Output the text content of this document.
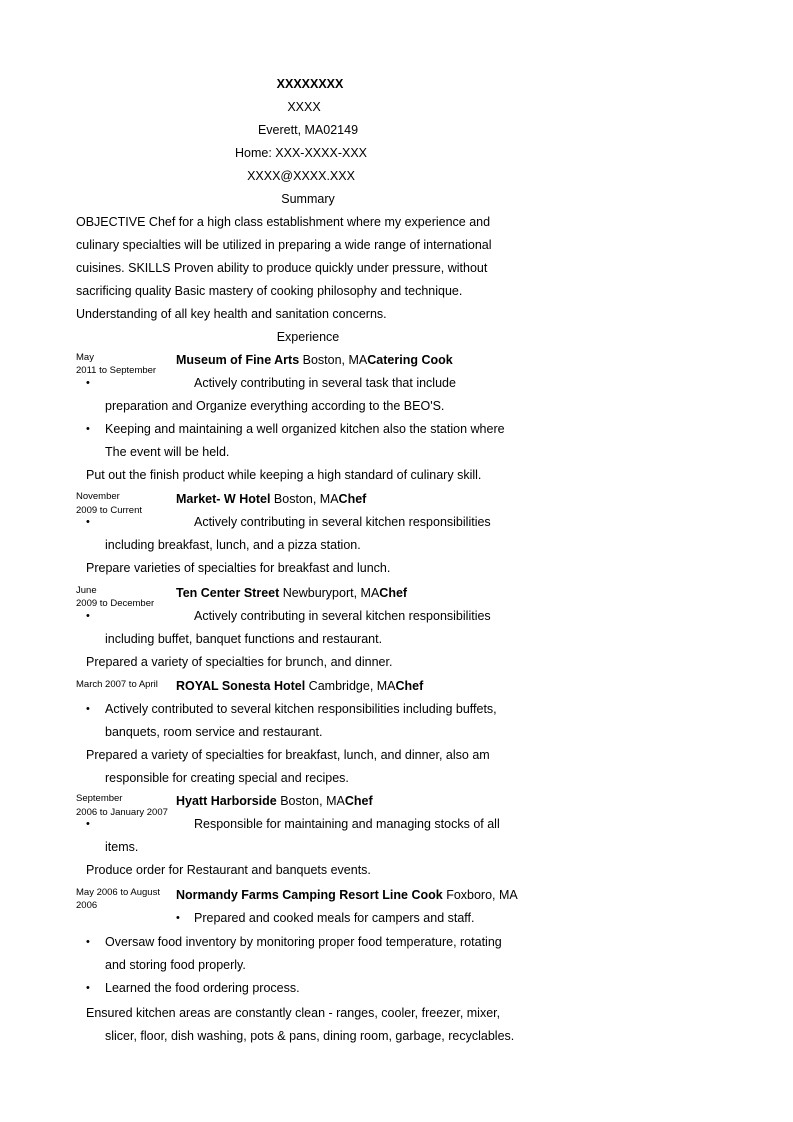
XXXXXXXX
XXXX
Everett, MA02149
Home: XXX-XXXX-XXX
XXXX@XXXX.XXX
Summary
OBJECTIVE Chef for a high class establishment where my experience and
culinary specialties will be utilized in preparing a wide range of international
cuisines. SKILLS Proven ability to produce quickly under pressure, without
sacrificing quality Basic mastery of cooking philosophy and technique.
Understanding of all key health and sanitation concerns.
Experience
May
2011 to September
Museum of Fine Arts Boston, MACatering Cook
•	Actively contributing in several task that include
preparation and Organize everything according to the BEO'S.
• Keeping and maintaining a well organized kitchen also the station where
The event will be held.
Put out the finish product while keeping a high standard of culinary skill.
November
2009 to Current
Market- W Hotel Boston, MAChef
•	Actively contributing in several kitchen responsibilities
including breakfast, lunch, and a pizza station.
Prepare varieties of specialties for breakfast and lunch.
June
2009 to December
Ten Center Street Newburyport, MAChef
•	Actively contributing in several kitchen responsibilities
including buffet, banquet functions and restaurant.
Prepared a variety of specialties for brunch, and dinner.
March 2007 to April ROYAL Sonesta Hotel Cambridge, MAChef
• Actively contributed to several kitchen responsibilities including buffets,
banquets, room service and restaurant.
Prepared a variety of specialties for breakfast, lunch, and dinner, also am
responsible for creating special and recipes.
September
2006 to January 2007
Hyatt Harborside Boston, MAChef
•	Responsible for maintaining and managing stocks of all
items.
Produce order for Restaurant and banquets events.
May 2006 to August
2006
Normandy Farms Camping Resort Line Cook Foxboro, MA
• Prepared and cooked meals for campers and staff.
• Oversaw food inventory by monitoring proper food temperature, rotating
and storing food properly.
• Learned the food ordering process.
Ensured kitchen areas are constantly clean - ranges, cooler, freezer, mixer,
slicer, floor, dish washing, pots & pans, dining room, garbage, recyclables.
